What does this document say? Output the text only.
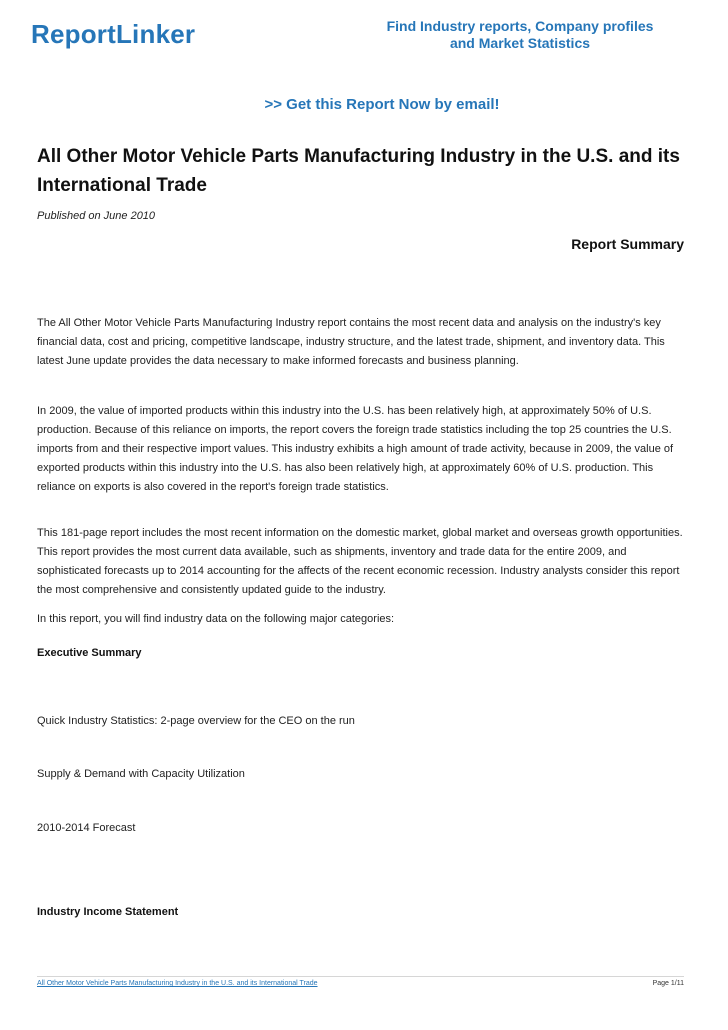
ReportLinker	Find Industry reports, Company profiles
and Market Statistics
>> Get this Report Now by email!
All Other Motor Vehicle Parts Manufacturing Industry in the U.S. and its International Trade
Published on June 2010
Report Summary

The All Other Motor Vehicle Parts Manufacturing Industry report contains the most recent data and analysis on the industry's key financial data, cost and pricing, competitive landscape, industry structure, and the latest trade, shipment, and inventory data. This latest June update provides the data necessary to make informed forecasts and business planning.

In 2009, the value of imported products within this industry into the U.S. has been relatively high, at approximately 50% of U.S. production. Because of this reliance on imports, the report covers the foreign trade statistics including the top 25 countries the U.S. imports from and their respective import values. This industry exhibits a high amount of trade activity, because in 2009, the value of exported products within this industry into the U.S. has also been relatively high, at approximately 60% of U.S. production. This reliance on exports is also covered in the report's foreign trade statistics.

This 181-page report includes the most recent information on the domestic market, global market and overseas growth opportunities. This report provides the most current data available, such as shipments, inventory and trade data for the entire 2009, and sophisticated forecasts up to 2014 accounting for the affects of the recent economic recession. Industry analysts consider this report the most comprehensive and consistently updated guide to the industry.

In this report, you will find industry data on the following major categories:

Executive Summary

Quick Industry Statistics: 2-page overview for the CEO on the run

Supply & Demand with Capacity Utilization

2010-2014 Forecast

Industry Income Statement

All Other Motor Vehicle Parts Manufacturing Industry in the U.S. and its International Trade	Page 1/11
